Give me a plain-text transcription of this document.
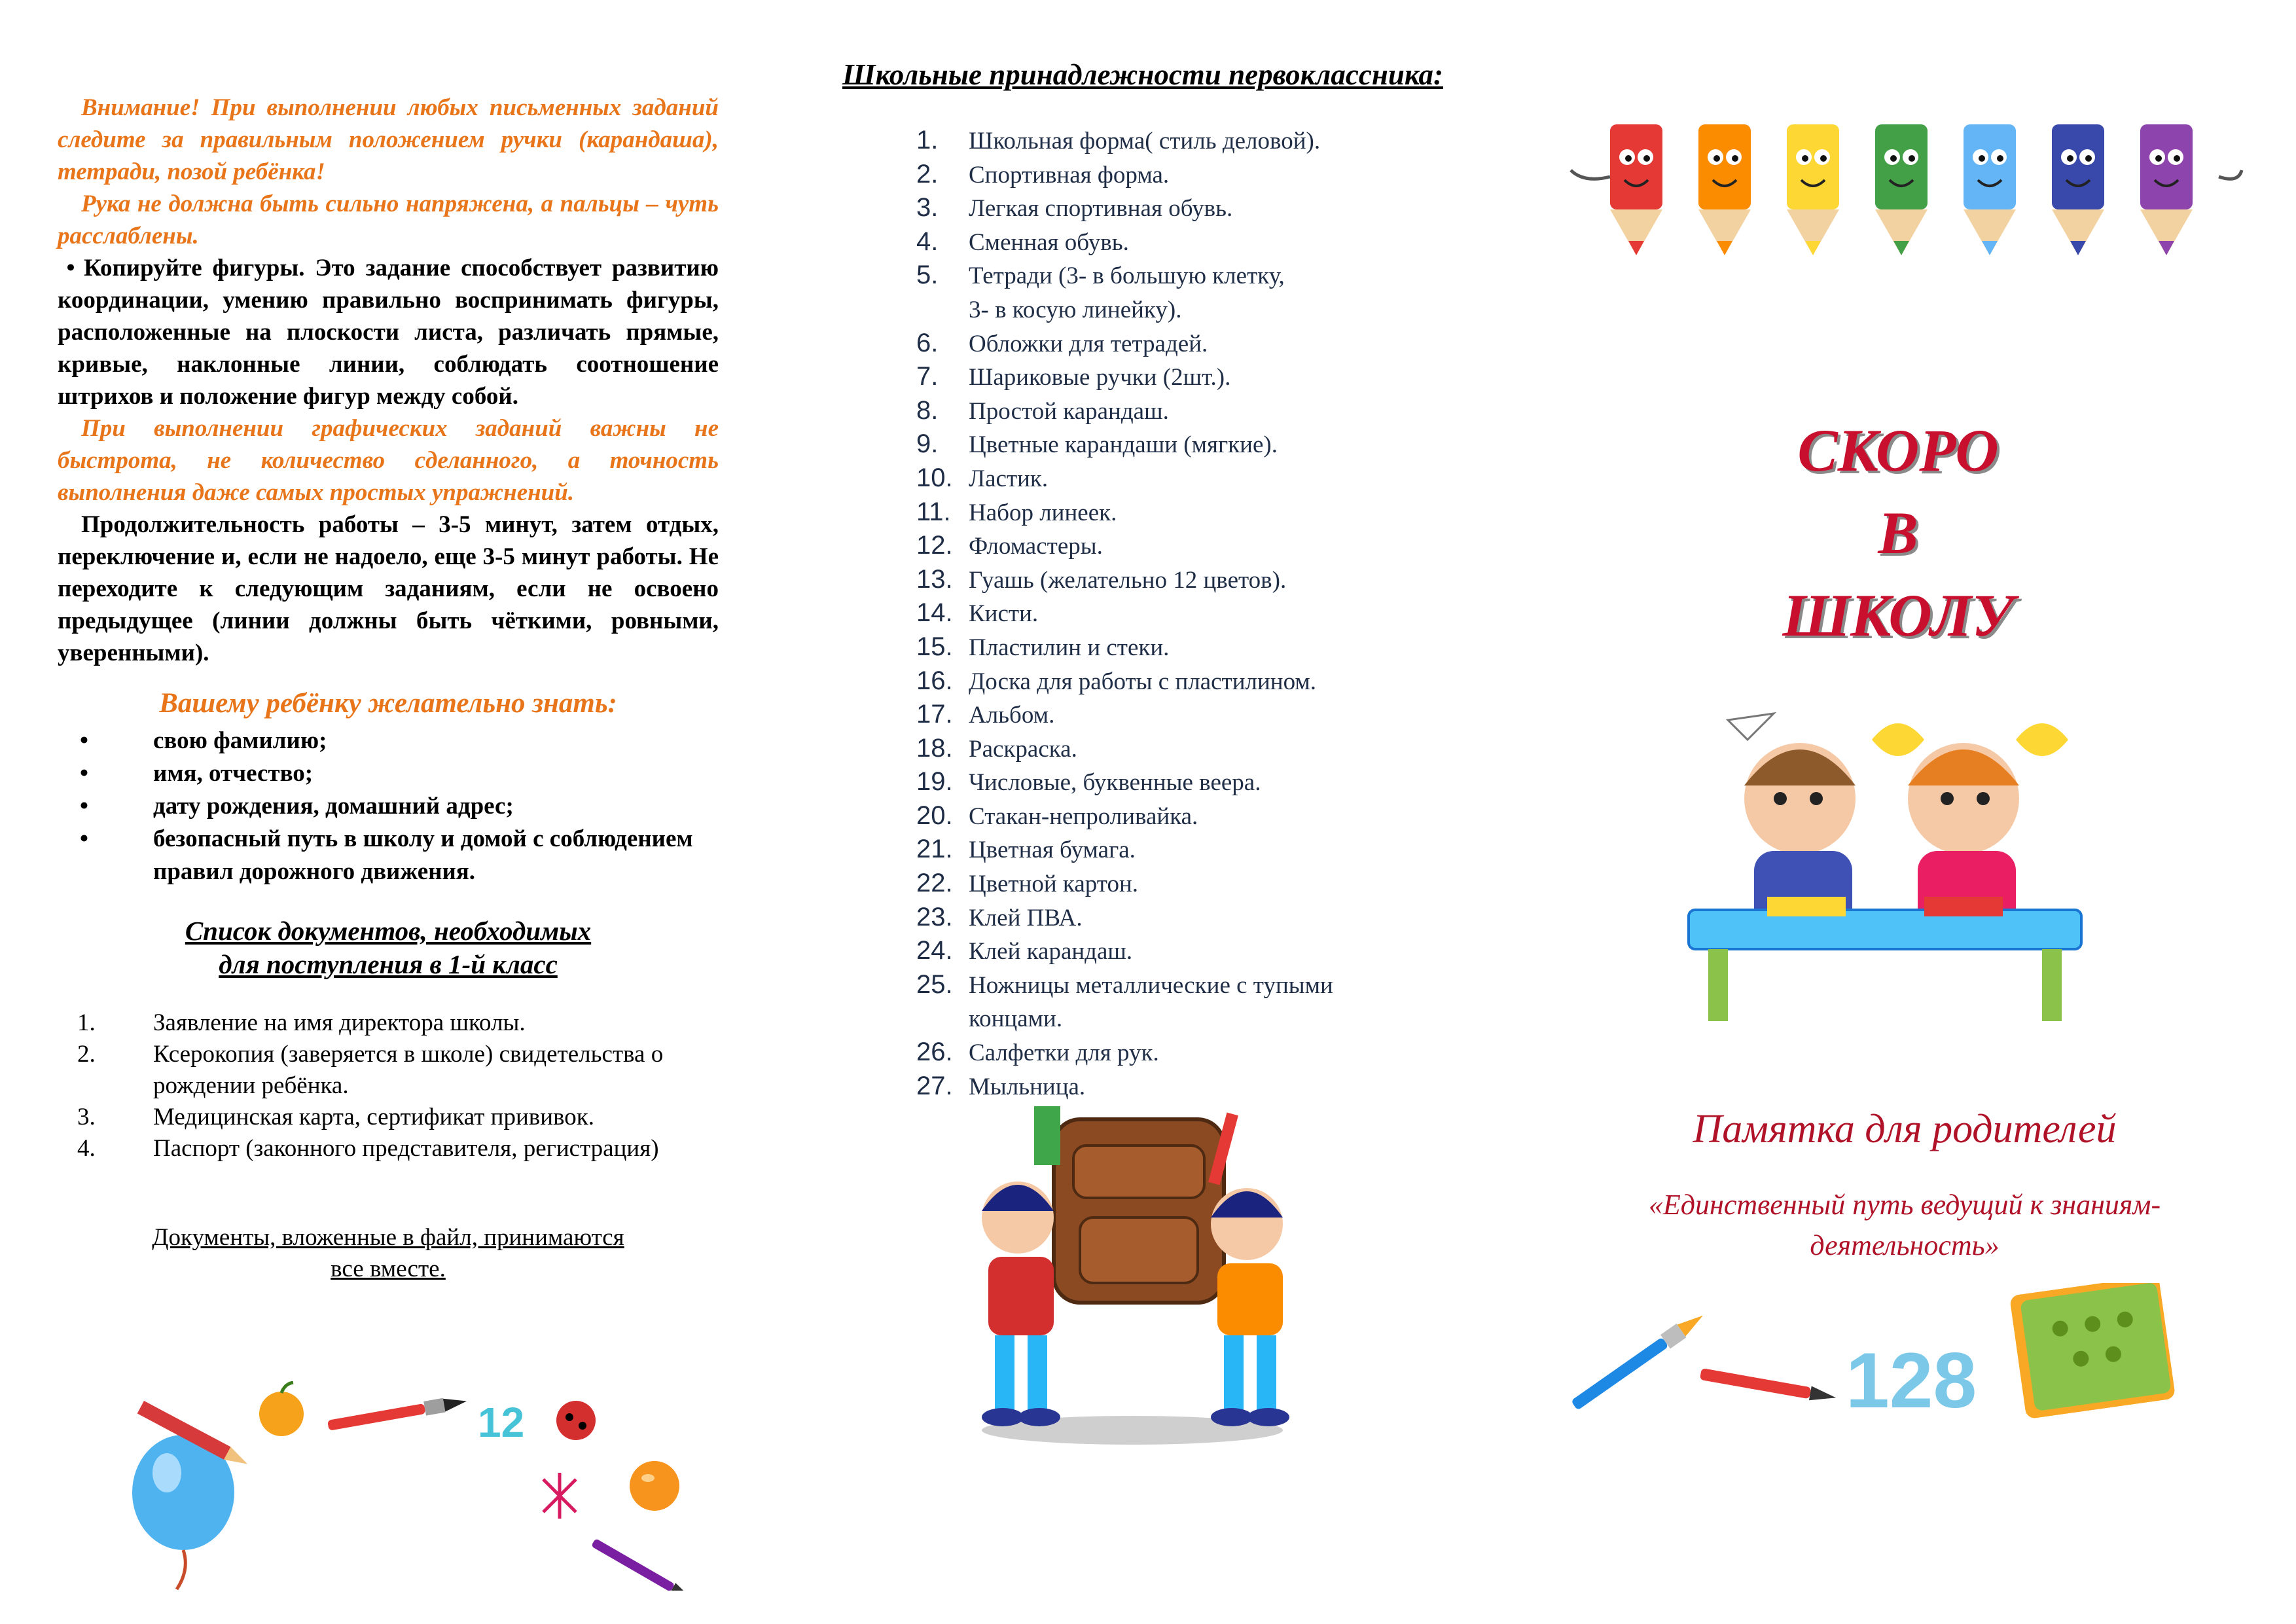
Внимание! При выполнении любых письменных заданий следите за правильным положением ручки (карандаша), тетради, позой ребёнка!

Рука не должна быть сильно напряжена, а пальцы – чуть расслаблены.

• Копируйте фигуры. Это задание способствует развитию координации, умению правильно воспринимать фигуры, расположенные на плоскости листа, различать прямые, кривые, наклонные линии, соблюдать соотношение штрихов и положение фигур между собой.

При выполнении графических заданий важны не быстрота, не количество сделанного, а точность выполнения даже самых простых упражнений.

Продолжительность работы – 3-5 минут, затем отдых, переключение и, если не надоело, еще 3-5 минут работы. Не переходите к следующим заданиям, если не освоено предыдущее (линии должны быть чёткими, ровными, уверенными).

Вашему ребёнку желательно знать:
•	свою фамилию;
•	имя, отчество;
•	дату рождения, домашний адрес;
•	безопасный путь в школу и домой с соблюдением правил дорожного движения.
Список документов, необходимых
для поступления в 1-й класс
1. Заявление на имя директора школы.
2. Ксерокопия (заверяется в школе) свидетельства о рождении ребёнка.
3. Медицинская карта, сертификат прививок.
4. Паспорт (законного представителя, регистрация)
Документы, вложенные в файл, принимаются
все вместе.
12
Школьные принадлежности первоклассника:
1. Школьная форма( стиль деловой).
2. Спортивная форма.
3. Легкая спортивная обувь.
4. Сменная обувь.
5. Тетради (3- в большую клетку,
3- в косую линейку).
6. Обложки для тетрадей.
7. Шариковые ручки (2шт.).
8. Простой карандаш.
9. Цветные карандаши (мягкие).
10. Ластик.
11. Набор линеек.
12. Фломастеры.
13. Гуашь (желательно 12 цветов).
14. Кисти.
15. Пластилин и стеки.
16. Доска для работы с пластилином.
17. Альбом.
18. Раскраска.
19. Числовые, буквенные веера.
20. Стакан-непроливайка.
21. Цветная бумага.
22. Цветной картон.
23. Клей ПВА.
24. Клей карандаш.
25. Ножницы металлические с тупыми
концами.
26. Салфетки для рук.
27. Мыльница.
СКОРО
В
ШКОЛУ
Памятка для родителей
«Единственный путь ведущий к знаниям-
деятельность»
128
